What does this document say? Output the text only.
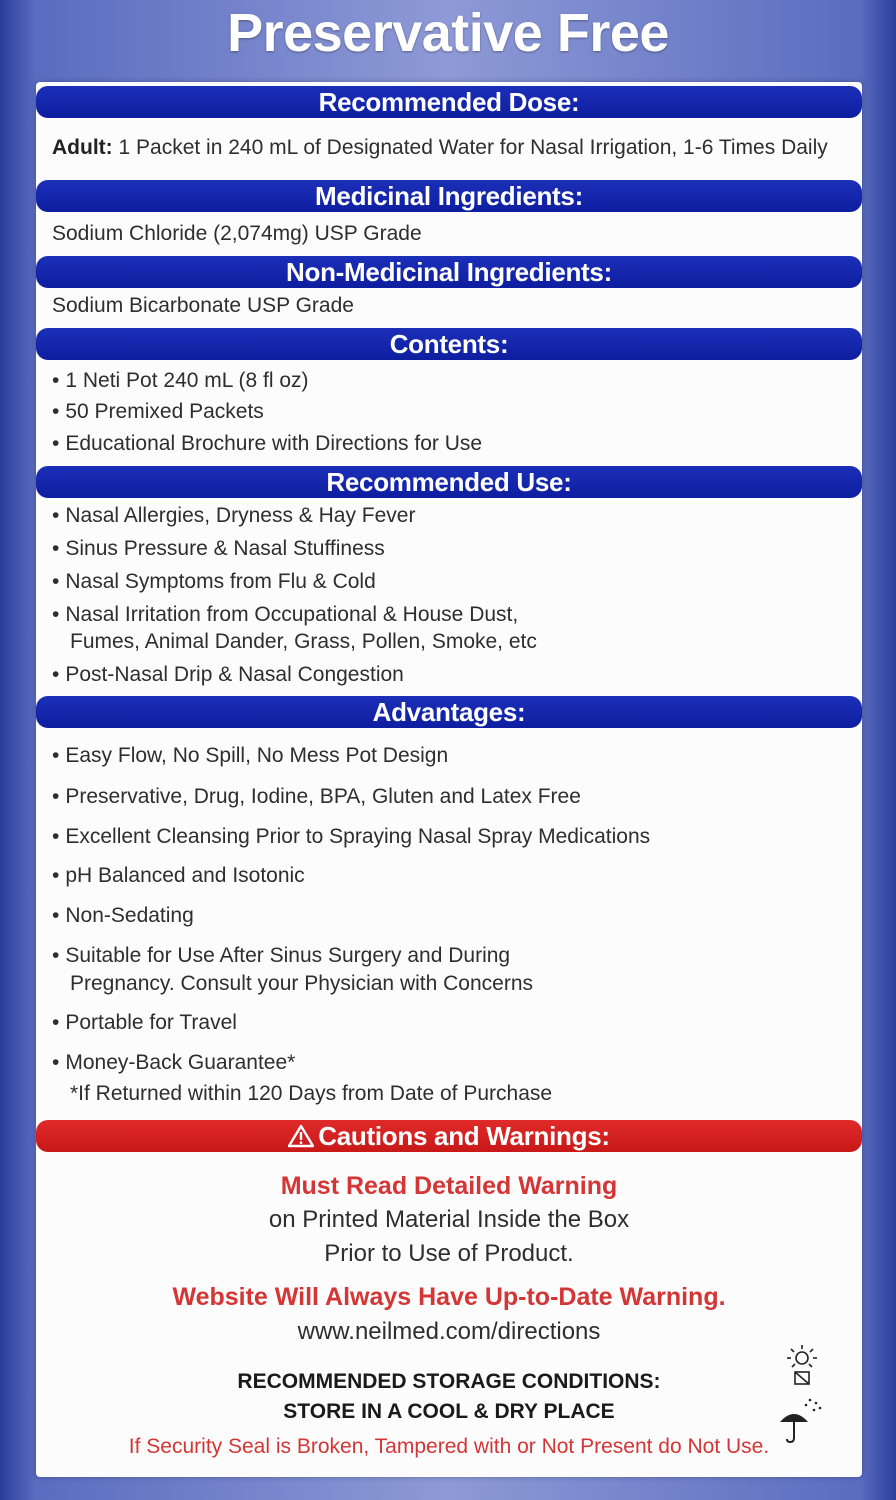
Preservative Free
Recommended Dose:
Adult: 1 Packet in 240 mL of Designated Water for Nasal Irrigation, 1-6 Times Daily
Medicinal Ingredients:
Sodium Chloride (2,074mg) USP Grade
Non-Medicinal Ingredients:
Sodium Bicarbonate USP Grade
Contents:
• 1 Neti Pot 240 mL (8 fl oz)
• 50 Premixed Packets
• Educational Brochure with Directions for Use
Recommended Use:
• Nasal Allergies, Dryness & Hay Fever
• Sinus Pressure & Nasal Stuffiness
• Nasal Symptoms from Flu & Cold
• Nasal Irritation from Occupational & House Dust,
Fumes, Animal Dander, Grass, Pollen, Smoke, etc
• Post-Nasal Drip & Nasal Congestion
Advantages:
• Easy Flow, No Spill, No Mess Pot Design
• Preservative, Drug, Iodine, BPA, Gluten and Latex Free
• Excellent Cleansing Prior to Spraying Nasal Spray Medications
• pH Balanced and Isotonic
• Non-Sedating
• Suitable for Use After Sinus Surgery and During
Pregnancy. Consult your Physician with Concerns
• Portable for Travel
• Money-Back Guarantee*
*If Returned within 120 Days from Date of Purchase
Cautions and Warnings:
Must Read Detailed Warning
on Printed Material Inside the Box
Prior to Use of Product.
Website Will Always Have Up-to-Date Warning.
www.neilmed.com/directions
RECOMMENDED STORAGE CONDITIONS:
STORE IN A COOL & DRY PLACE
If Security Seal is Broken, Tampered with or Not Present do Not Use.
